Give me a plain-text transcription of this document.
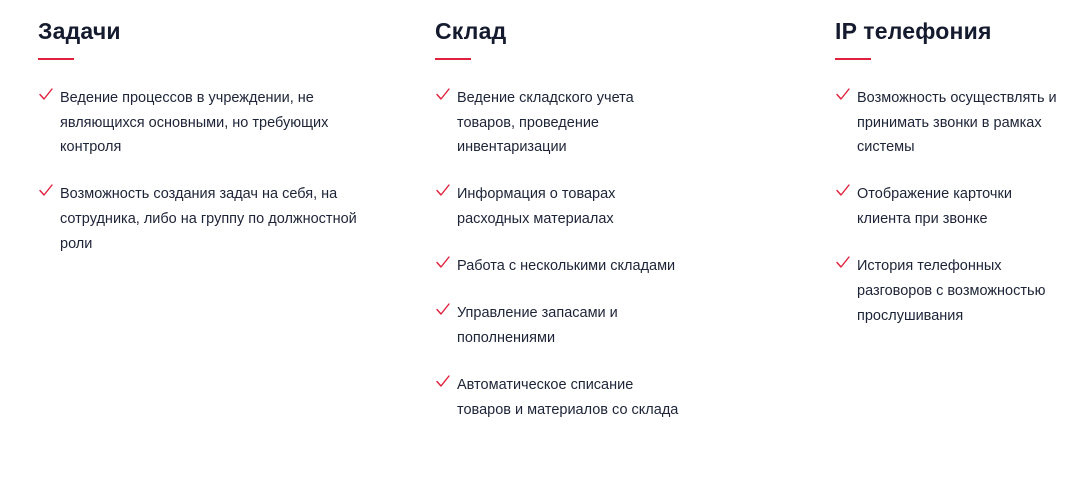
Задачи
Ведение процессов в учреждении, не являющихся основными, но требующих контроля
Возможность создания задач на себя, на сотрудника, либо на группу по должностной роли
Склад
Ведение складского учета товаров, проведение инвентаризации
Информация о товарах расходных материалах
Работа с несколькими складами
Управление запасами и пополнениями
Автоматическое списание товаров и материалов со склада
IP телефония
Возможность осуществлять и принимать звонки в рамках системы
Отображение карточки клиента при звонке
История телефонных разговоров с возможностью прослушивания
